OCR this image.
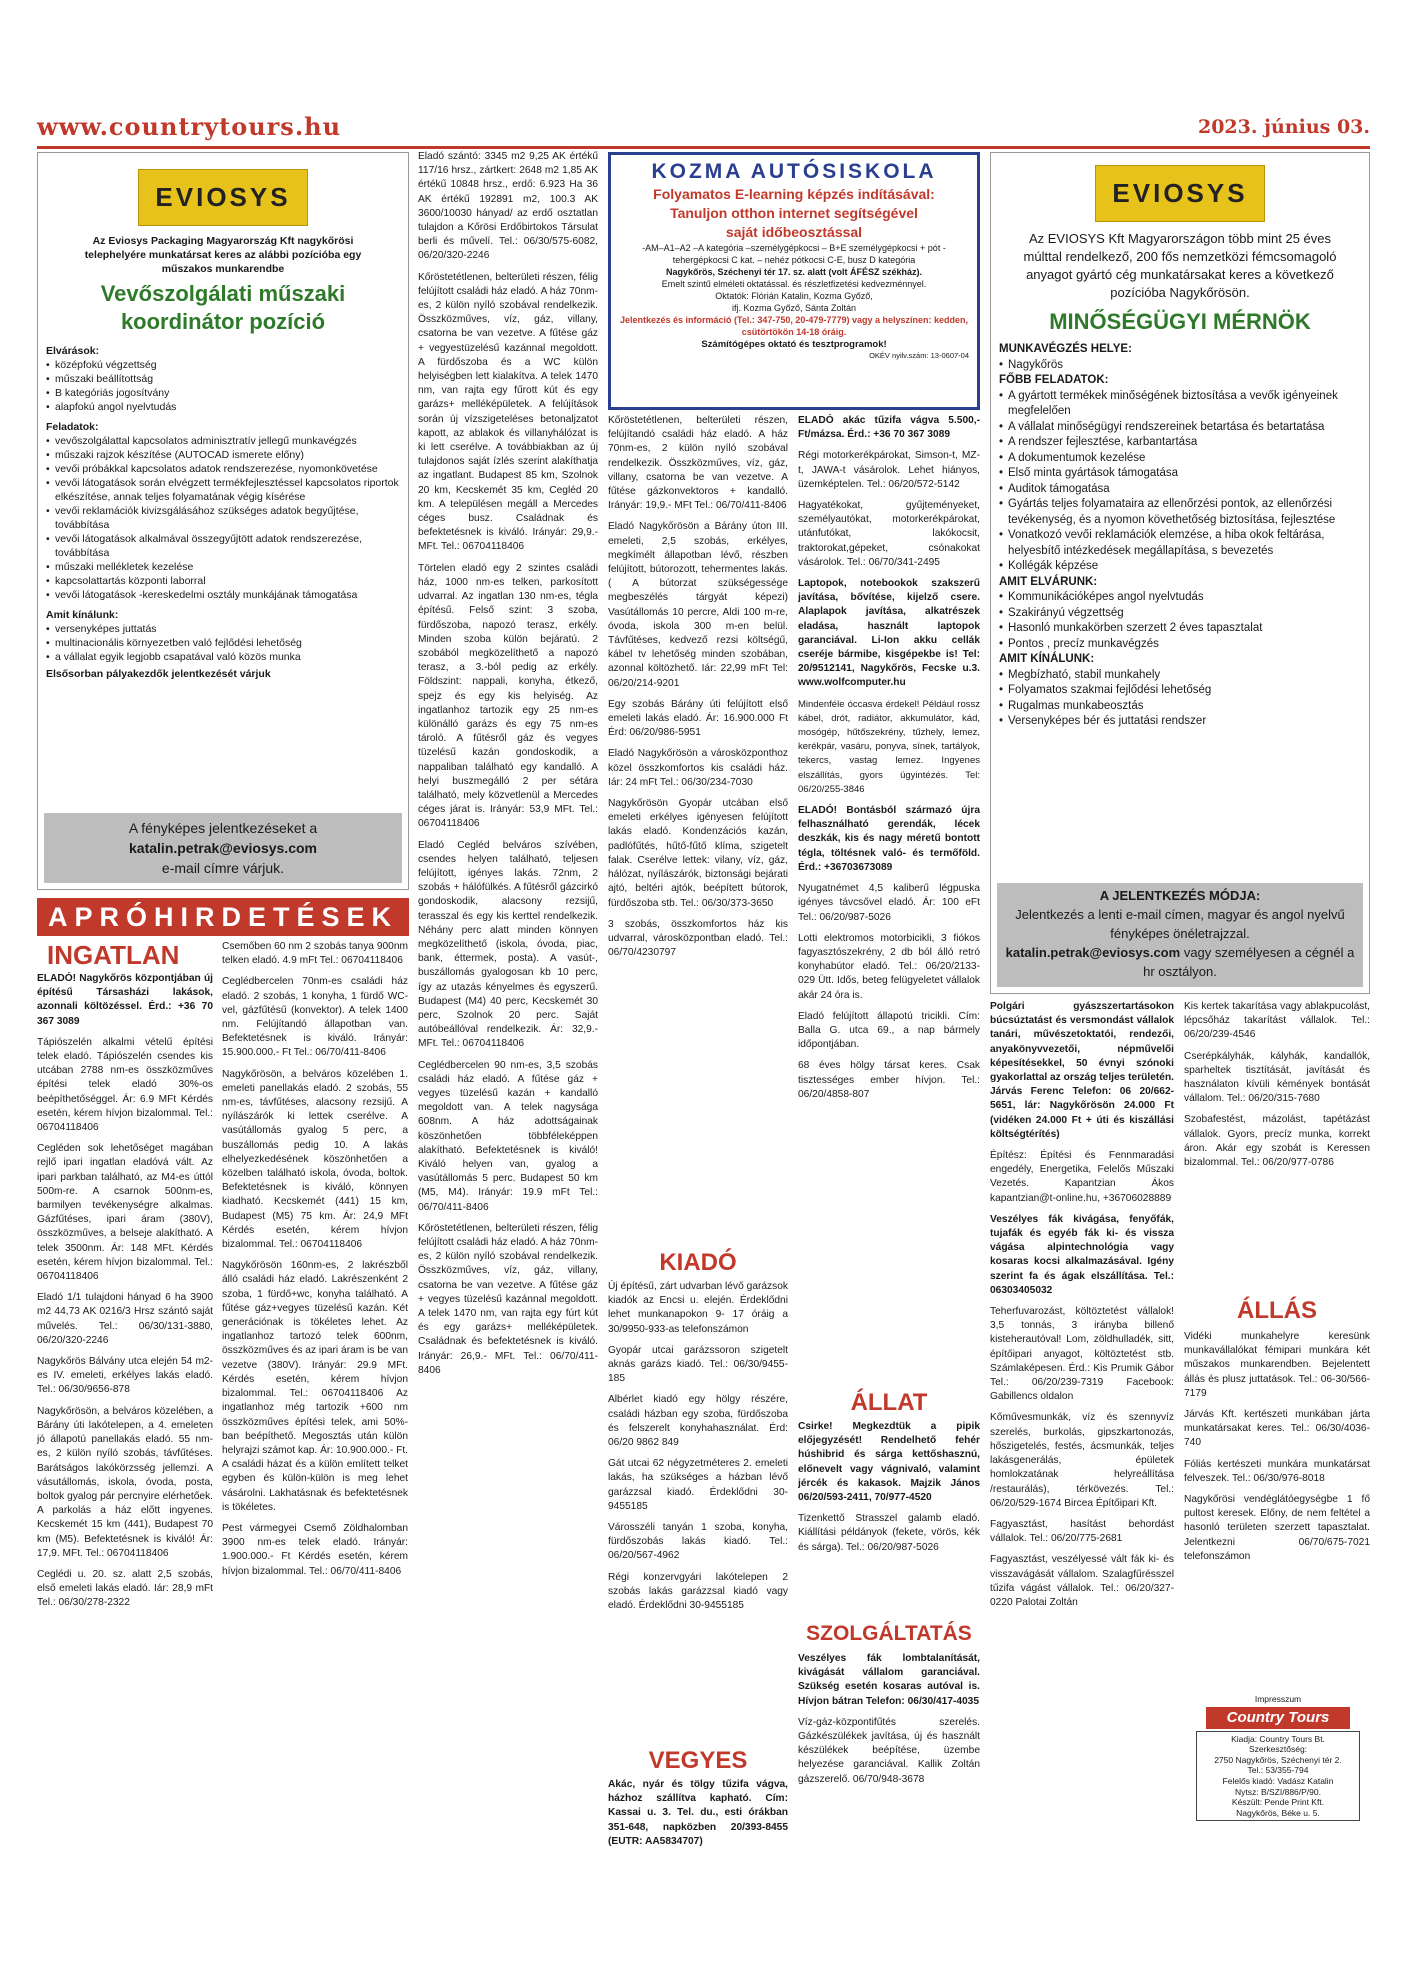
www.countrytours.hu	2023. június 03.
EVIOSYS
Az Eviosys Packaging Magyarország Kft nagykőrösi telephelyére munkatársat keres az alábbi pozícióba egy műszakos munkarendbe
Vevőszolgálati műszaki
koordinátor pozíció
Elvárások:
• középfokú végzettség
• műszaki beállítottság
• B kategóriás jogosítvány
• alapfokú angol nyelvtudás
Feladatok:
• vevőszolgálattal kapcsolatos adminisztratív jellegű munkavégzés
• műszaki rajzok készítése (AUTOCAD ismerete előny)
• vevői próbákkal kapcsolatos adatok rendszerezése, nyomonkövetése
• vevői látogatások során elvégzett termékfejlesztéssel kapcsolatos riportok elkészítése, annak teljes folyamatának végig kísérése
• vevői reklamációk kivizsgálásához szükséges adatok begyűjtése, továbbítása
• vevői látogatások alkalmával összegyűjtött adatok rendszerezése, továbbítása
• műszaki mellékletek kezelése
• kapcsolattartás központi laborral
• vevői látogatások -kereskedelmi osztály munkájának támogatása
Amit kínálunk:
• versenyképes juttatás
• multinacionális környezetben való fejlődési lehetőség
• a vállalat egyik legjobb csapatával való közös munka
Elsősorban pályakezdők jelentkezését várjuk
A fényképes jelentkezéseket a
katalin.petrak@eviosys.com
e-mail címre várjuk.
APRÓHIRDETÉSEK
INGATLAN

ELADÓ! Nagykőrös központjában új építésű Társasházi lakások, azonnali költözéssel. Érd.: +36 70 367 3089

Tápiószelén alkalmi vételű építési telek eladó. Tápiószelén csendes kis utcában 2788 nm-es összközműves építési telek eladó 30%-os beépíthetőséggel. Ár: 6.9 MFt Kérdés esetén, kérem hívjon bizalommal. Tel.: 06704118406

Cegléden sok lehetőséget magában rejlő ipari ingatlan eladóvá vált. Az ipari parkban található, az M4-es úttól 500m-re. A csarnok 500nm-es, barmilyen tevékenységre alkalmas. Gázfűtéses, ipari áram (380V), összközműves, a belseje alakítható. A telek 3500nm. Ár: 148 MFt. Kérdés esetén, kérem hívjon bizalommal. Tel.: 06704118406

Eladó 1/1 tulajdoni hányad 6 ha 3900 m2 44,73 AK 0216/3 Hrsz szántó saját művelés. Tel.: 06/30/131-3880, 06/20/320-2246

Nagykőrös Bálvány utca elején 54 m2-es IV. emeleti, erkélyes lakás eladó. Tel.: 06/30/9656-878

Nagykőrösön, a belváros közelében, a Bárány úti lakótelepen, a 4. emeleten jó állapotú panellakás eladó. 55 nm-es, 2 külön nyíló szobás, távfűtéses. Barátságos lakókörzsség jellemzi. A vásutállomás, iskola, óvoda, posta, boltok gyalog pár percnyire elérhetőek. A parkolás a ház előtt ingyenes. Kecskemét 15 km (441), Budapest 70 km (M5). Befektetésnek is kiváló! Ár: 17,9. MFt. Tel.: 06704118406

Ceglédi u. 20. sz. alatt 2,5 szobás, első emeleti lakás eladó. Iár: 28,9 mFt Tel.: 06/30/278-2322

Csemőben 60 nm 2 szobás tanya 900nm telken eladó. 4.9 mFt Tel.: 06704118406

Ceglédbercelen 70nm-es családi ház eladó. 2 szobás, 1 konyha, 1 fürdő WC-vel, gázfűtésű (konvektor). A telek 1400 nm. Felújítandó állapotban van. Befektetésnek is kiváló. Irányár: 15.900.000.- Ft Tel.: 06/70/411-8406

Nagykőrösön, a belváros közelében 1. emeleti panellakás eladó. 2 szobás, 55 nm-es, távfűtéses, alacsony rezsijű. A nyílászárók ki lettek cserélve. A vasútállomás gyalog 5 perc, a buszállomás pedig 10. A lakás elhelyezkedésének köszönhetően a közelben található iskola, óvoda, boltok. Befektetésnek is kiváló, könnyen kiadható. Kecskemét (441) 15 km, Budapest (M5) 75 km. Ár: 24,9 MFt Kérdés esetén, kérem hívjon bizalommal. Tel.: 06704118406

Nagykőrösön 160nm-es, 2 lakrészből álló családi ház eladó. Lakrészenként 2 szoba, 1 fürdő+wc, konyha található. A fűtése gáz+vegyes tüzelésű kazán. Két generációnak is tökéletes lehet. Az ingatlanhoz tartozó telek 600nm, összközműves és az ipari áram is be van vezetve (380V). Irányár: 29.9 MFt. Kérdés esetén, kérem hívjon bizalommal. Tel.: 06704118406 Az ingatlanhoz még tartozik +600 nm összközműves építési telek, ami 50%-ban beépíthető. Megosztás után külön helyrajzi számot kap. Ár: 10.900.000.- Ft. A családi házat és a külön említett telket egyben és külön-külön is meg lehet vásárolni. Lakhatásnak és befektetésnek is tökéletes.

Pest vármegyei Csemő Zöldhalomban 3900 nm-es telek eladó. Irányár: 1.900.000.- Ft Kérdés esetén, kérem hívjon bizalommal. Tel.: 06/70/411-8406

Eladó szántó: 3345 m2 9,25 AK értékű 117/16 hrsz., zártkert: 2648 m2 1,85 AK értékű 10848 hrsz., erdő: 6.923 Ha 36 AK értékű 192891 m2, 100.3 AK 3600/10030 hányad/ az erdő osztatlan tulajdon a Kőrösi Erdőbirtokos Társulat berli és művelí. Tel.: 06/30/575-6082, 06/20/320-2246

Kőröstetétlenen, belterületi részen, félig felújított családi ház eladó. A ház 70nm-es, 2 külön nyíló szobával rendelkezik. Összközműves, víz, gáz, villany, csatorna be van vezetve. A fűtése gáz + vegyestüzelésű kazánnal megoldott. A fürdőszoba és a WC külön helyiségben lett kialakítva. A telek 1470 nm, van rajta egy fűrott kút és egy garázs+ melléképületek. A felújítások során új vízszigeteléses betonaljzatot kapott, az ablakok és villanyhálózat is ki lett cserélve. A továbbiakban az új tulajdonos saját ízlés szerint alakíthatja az ingatlant. Budapest 85 km, Szolnok 20 km, Kecskemét 35 km, Cegléd 20 km. A településen megáll a Mercedes céges busz. Családnak és befektetésnek is kiváló. Irányár: 29,9.-MFt. Tel.: 06704118406

Törtelen eladó egy 2 szintes családi ház, 1000 nm-es telken, parkosított udvarral. Az ingatlan 130 nm-es, téglа építésű. Felső szint: 3 szoba, fürdőszoba, napozó terasz, erkély. Minden szoba külön bejáratú. 2 szobából megközelíthető a napozó terasz, a 3.-ból pedig az erkély. Földszint: nappali, konyha, étkező, spejz és egy kis helyiség. Az ingatlanhoz tartozik egy 25 nm-es különálló garázs és egy 75 nm-es tároló. A fűtésről gáz és vegyes tüzelésű kazán gondoskodik, a nappaliban található egy kandalló. A helyi buszmegálló 2 per sétára található, mely közvetlenül a Mercedes céges járat is. Irányár: 53,9 MFt. Tel.: 06704118406

Eladó Cegléd belváros szívében, csendes helyen található, teljesen felújított, igényes lakás. 72nm, 2 szobás + hálófülkés. A fűtésről gázcirkó gondoskodik, alacsony rezsijű, terasszal és egy kis kerttel rendelkezik. Néhány perc alatt minden könnyen megközelíthető (iskola, óvoda, piac, bank, éttermek, posta). A vasút-, buszállomás gyalogosan kb 10 perc, így az utazás kényelmes és egyszerű. Budapest (M4) 40 perc, Kecskemét 30 perc, Szolnok 20 perc. Saját autóbeállóval rendelkezik. Ár: 32,9.- MFt. Tel.: 06704118406

Ceglédbercelen 90 nm-es, 3,5 szobás családi ház eladó. A fűtése gáz + vegyes tüzelésű kazán + kandalló megoldott van. A telek nagysága 608nm. A ház adottságainak köszönhetően többféleképpen alakítható. Befektetésnek is kiváló! Kiváló helyen van, gyalog a vasútállomás 5 perc. Budapest 50 km (M5, M4). Irányár: 19.9 mFt Tel.: 06/70/411-8406

Kőröstetétlenen, belterületi részen, félig felújított családi ház eladó. A ház 70nm-es, 2 külön nyíló szobával rendelkezik. Összközműves, víz, gáz, villany, csatorna be van vezetve. A fűtése gáz + vegyes tüzelésű kazánnal megoldott. A telek 1470 nm, van rajta egy fúrt kút és egy garázs+ melléképületek. Családnak és befektetésnek is kiváló. Irányár: 26,9.- MFt. Tel.: 06/70/411-8406

KOZMA AUTÓSISKOLA
Folyamatos E-learning képzés indításával:
Tanuljon otthon internet segítségével
saját időbeosztással
-AM–A1–A2 –A kategória –személygépkocsi – B+E személygépkocsi + pót - tehergépkocsi C kat. – nehéz pótkocsi C-E, busz D kategória
Nagykőrös, Széchenyi tér 17. sz. alatt (volt ÁFÉSZ székház).
Emelt szintű elméleti oktatással. és részletfizetési kedvezménnyel.
Oktatók: Flórián Katalin, Kozma Győző,
ifj. Kozma Győző, Sánta Zoltán
Jelentkezés és információ (Tel.: 347-750, 20-479-7779) vagy a helyszínen: kedden, csütörtökön 14-18 óráig.
Számítógépes oktató és tesztprogramok!
OKÉV nyilv.szám: 13-0607-04

Kőröstetétlenen, belterületi részen, felújítandó családi ház eladó. A ház 70nm-es, 2 külön nyíló szobával rendelkezik. Összközműves, víz, gáz, villany, csatorna be van vezetve. A fűtése gázkonvektoros + kandalló. Irányár: 19,9.- MFt Tel.: 06/70/411-8406

Eladó Nagykőrösön a Bárány úton III. emeleti, 2,5 szobás, erkélyes, megkímélt állapotban lévő, részben felújított, bútorozott, tehermentes lakás. ( A bútorzat szükségességе megbeszélés tárgyát képezi) Vasútállomás 10 percre, Aldi 100 m-re, óvoda, iskola 300 m-en belül. Távfűtéses, kedvező rezsi költségű, kábel tv lehetőség minden szobában, azonnal költözhető. Iár: 22,99 mFt Tel: 06/20/214-9201

Egy szobás Bárány úti felújított első emeleti lakás eladó. Ár: 16.900.000 Ft Érd: 06/20/986-5951

Eladó Nagykőrösön a városközponthoz közel összkomfortos kis családi ház. Iár: 24 mFt Tel.: 06/30/234-7030

Nagykőrösön Gyopár utcában első emeleti erkélyes igényesen felújított lakás eladó. Kondenzációs kazán, padlófűtés, hűtő-fűtő klíma, szigetelt falak. Cserélve lettek: vilany, víz, gáz, hálózat, nyílászárók, biztonsági bejárati ajtó, beltéri ajtók, beépített bútorok, fürdőszoba stb. Tel.: 06/30/373-3650

3 szobás, összkomfortos ház kis udvarral, városközpontban eladó. Tel.: 06/70/4230797

KIADÓ

Új építésű, zárt udvarban lévő garázsok kiadók az Encsi u. elején. Érdeklődni lehet munkanapokon 9- 17 óráig a 30/9950-933-as telefonszámon

Gyopár utcai garázssoron szigetelt aknás garázs kiadó. Tel.: 06/30/9455-185

Albérlet kiadó egy hölgy részére, családi házban egy szoba, fürdőszoba és felszerelt konyhahasználat. Érd: 06/20 9862 849

Gát utcai 62 négyzetméteres 2. emeleti lakás, ha szükséges a házban lévő garázzsal kiadó. Érdeklődni 30-9455185

Városszéli tanyán 1 szoba, konyha, fürdőszobás lakás kiadó. Tel.: 06/20/567-4962

Régi konzervgyári lakótelepen 2 szobás lakás garázzsal kiadó vagy eladó. Érdeklődni 30-9455185

VEGYES

Akác, nyár és tölgy tűzifa vágva, házhoz szállítva kapható. Cím: Kassai u. 3. Tel. du., esti órákban 351-648, napközben 20/393-8455 (EUTR: AA5834707)

ELADÓ akác tűzifa vágva 5.500,-Ft/mázsa. Érd.: +36 70 367 3089

Régi motorkerékpárokat, Simson-t, MZ-t, JAWA-t vásárolok. Lehet hiányos, üzemképtelen. Tel.: 06/20/572-5142

Hagyatékokat, gyűjteményeket, személyautókat, motorkerékpárokat, utánfutókat, lakókocsit, traktorokat,gépeket, csónakokat vásárolok. Tel.: 06/70/341-2495

Laptopok, notebookok szakszerű javítása, bővítése, kijelző csere. Alaplapok javítása, alkatrészek eladása, használt laptopok garanciával. Li-Ion akku cellák cseréje bármibe, kisgépekbe is! Tel: 20/9512141, Nagykőrös, Fecske u.3. www.wolfcomputer.hu

Mindenféle óccasva érdekel! Például rossz kábel, drót, radiátor, akkumulátor, kád, mosógép, hűtőszekrény, tűzhely, lemez, kerékpár, vasáru, ponyva, sínek, tartályok, tekercs, vastag lemez. Ingyenes elszállítás, gyors ügyintézés. Tel: 06/20/255-3846

ELADÓ! Bontásból származó újra felhasználható gerendák, lécek deszkák, kis és nagy méretű bontott tégla, töltésnek való- és termőföld. Érd.: +36703673089

Nyugatnémet 4,5 kaliberű légpuska igényes távcsővel eladó. Ár: 100 eFt Tel.: 06/20/987-5026

Lotti elektromos motorbicikli, 3 fiókos fagyasztószekrény, 2 db ból álló retró konyhabútor eladó. Tel.: 06/20/2133-029 Ütt. Idős, beteg felügyeletet vállalok akár 24 óra is.

Eladó felújított állapotú tricikli. Cím: Balla G. utca 69., a nap bármely időpontjában.

68 éves hölgy társat keres. Csak tisztességes ember hívjon. Tel.: 06/20/4858-807

ÁLLAT

Csirke! Megkezdtük a pipik előjegyzését! Rendelhető fehér húshibrid és sárga kettőshasznú, előnevelt vagy vágnivaló, valamint jércék és kakasok. Majzik János 06/20/593-2411, 70/977-4520

Tizenkettő Strasszel galamb eladó. Kiállítási példányok (fekete, vörös, kék és sárga). Tel.: 06/20/987-5026

SZOLGÁLTATÁS

Veszélyes fák lombtalanítását, kivágását vállalom garanciával. Szükség esetén kosaras autóval is. Hívjon bátran Telefon: 06/30/417-4035

Víz-gáz-központifűtés szerelés. Gázkészülékek javítása, új és használt készülékek beépítése, üzembe helyezése garanciával. Kallik Zoltán gázszerelő. 06/70/948-3678

EVIOSYS
Az EVIOSYS Kft Magyarországon több mint 25 éves múlttal rendelkező, 200 fős nemzetközi fémcsomagoló anyagot gyártó cég munkatársakat keres a következő pozícióba Nagykőrösön.
MINŐSÉGÜGYI MÉRNÖK
MUNKAVÉGZÉS HELYE:
• Nagykőrös
FŐBB FELADATOK:
• A gyártott termékek minőségének biztosítása a vevők igényeinek megfelelően
• A vállalat minőségügyi rendszereinek betartása és betartatása
• A rendszer fejlesztése, karbantartása
• A dokumentumok kezelése
• Első minta gyártások támogatása
• Auditok támogatása
• Gyártás teljes folyamataira az ellenőrzési pontok, az ellenőrzési tevékenység, és a nyomon követhetőség biztosítása, fejlesztése
• Vonatkozó vevői reklamációk elemzése, a hiba okok feltárása, helyesbítő intézkedések megállapítása, s bevezetés
• Kollégák képzése
AMIT ELVÁRUNK:
• Kommunikációképes angol nyelvtudás
• Szakirányú végzettség
• Hasonló munkakörben szerzett 2 éves tapasztalat
• Pontos , precíz munkavégzés
AMIT KÍNÁLUNK:
• Megbízható, stabil munkahely
• Folyamatos szakmai fejlődési lehetőség
• Rugalmas munkabeosztás
• Versenyképes bér és juttatási rendszer
A JELENTKEZÉS MÓDJA:
Jelentkezés a lenti e-mail címen, magyar és angol nyelvű fényképes önéletrajzzal.
katalin.petrak@eviosys.com vagy személyesen a cégnél a hr osztályon.

Polgári gyászszertartásokon búcsúztatást és versmondást vállalok tanári, művészetoktatói, rendezői, anyakönyvvezetői, népművelői képesítésekkel, 50 évnyi szónoki gyakorlattal az ország teljes területén. Járvás Ferenc Telefon: 06 20/662-5651, lár: Nagykőrösön 24.000 Ft (vidéken 24.000 Ft + úti és kiszállási költségtérítés)

Építész: Építési és Fennmaradási engedély, Energetika, Felelős Műszaki Vezetés. Kapantzian Ákos kapantzian@t-online.hu, +36706028889

Veszélyes fák kivágása, fenyőfák, tujafák és egyéb fák ki- és visszа vágása alpintechnológia vagy kosaras kocsi alkalmazásával. Igény szerint fa és ágak elszállítása. Tel.: 06303405032

Teherfuvarozást, költöztetést vállalok! 3,5 tonnás, 3 irányba billenő kisteherautóval! Lom, zöldhulladék, sitt, építőipari anyagot, költöztetést stb. Számlaképesen. Érd.: Kis Prumik Gábor Tel.: 06/20/239-7319 Facebook: Gabillencs oldalon

Kőművesmunkák, víz és szennyvíz szerelés, burkolás, gipszkartonozás, hőszigetelés, festés, ácsmunkák, teljes lakásgenerálás, épületek homlokzatának helyreállítása /restaurálás), térkövezés. Tel.: 06/20/529-1674 Bircea Építőipari Kft.

Fagyasztást, hasítást behordást vállalok. Tel.: 06/20/775-2681

Fagyasztást, veszélyessé vált fák ki- és visszavágását vállalom. Szalagfűrésszel tűzifa vágást vállalok. Tel.: 06/20/327-0220 Palotai Zoltán

Kis kertek takarítása vagy ablakpucolást, lépcsőház takarítást vállalok. Tel.: 06/20/239-4546

Cserépkályhák, kályhák, kandallók, sparheltek tisztítását, javítását és használaton kívüli kémények bontását vállalom. Tel.: 06/20/315-7680

Szobafestést, mázolást, tapétázást vállalok. Gyors, precíz munka, korrekt áron. Akár egy szobát is Keressen bizalommal. Tel.: 06/20/977-0786

ÁLLÁS

Vidéki munkahelyre keresünk munkavállalókat fémipari munkára két műszakos munkarendben. Bejelentett állás és plusz juttatások. Tel.: 06-30/566-7179

Járvás Kft. kertészeti munkában járta munkatársakat keres. Tel.: 06/30/4036-740

Fóliás kertészeti munkára munkatársat felveszek. Tel.: 06/30/976-8018

Nagykőrösi vendéglátóegységbe 1 fő pultost keresek. Előny, de nem feltétel a hasonló területen szerzett tapasztalat. Jelentkezni 06/70/675-7021 telefonszámon

Impresszum
Country Tours
Kiadja: Country Tours Bt.
Szerkesztőség:
2750 Nagykőrös, Széchenyi tér 2.
Tel.: 53/355-794
Felelős kiadó: Vadász Katalin
Nytsz: B/SZI/886/P/90.
Készült: Pende Print Kft.
Nagykőrös, Béke u. 5.
